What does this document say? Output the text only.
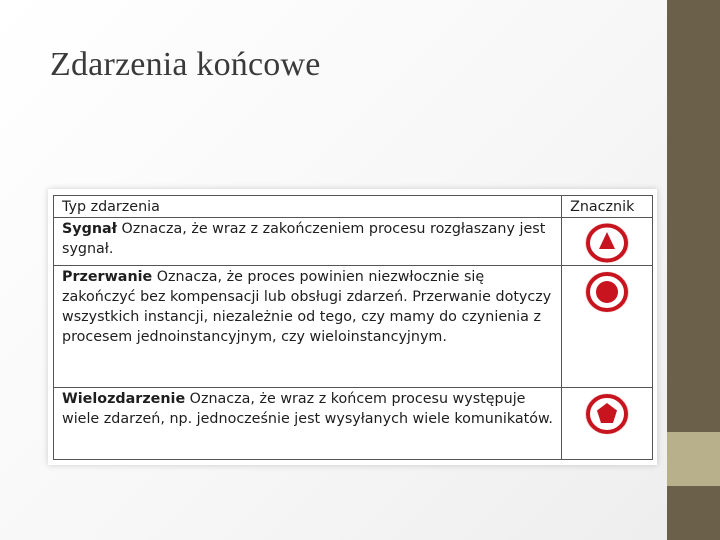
Zdarzenia końcowe
Typ zdarzenia	Znacznik
Sygnał Oznacza, że wraz z zakończeniem procesu rozgłaszany jest sygnał.	

Przerwanie Oznacza, że proces powinien niezwłocznie się zakończyć bez kompensacji lub obsługi zdarzeń. Przerwanie dotyczy wszystkich instancji, niezależnie od tego, czy mamy do czynienia z procesem jednoinstancyjnym, czy wieloinstancyjnym.	

Wielozdarzenie Oznacza, że wraz z końcem procesu występuje wiele zdarzeń, np. jednocześnie jest wysyłanych wiele komunikatów.	
